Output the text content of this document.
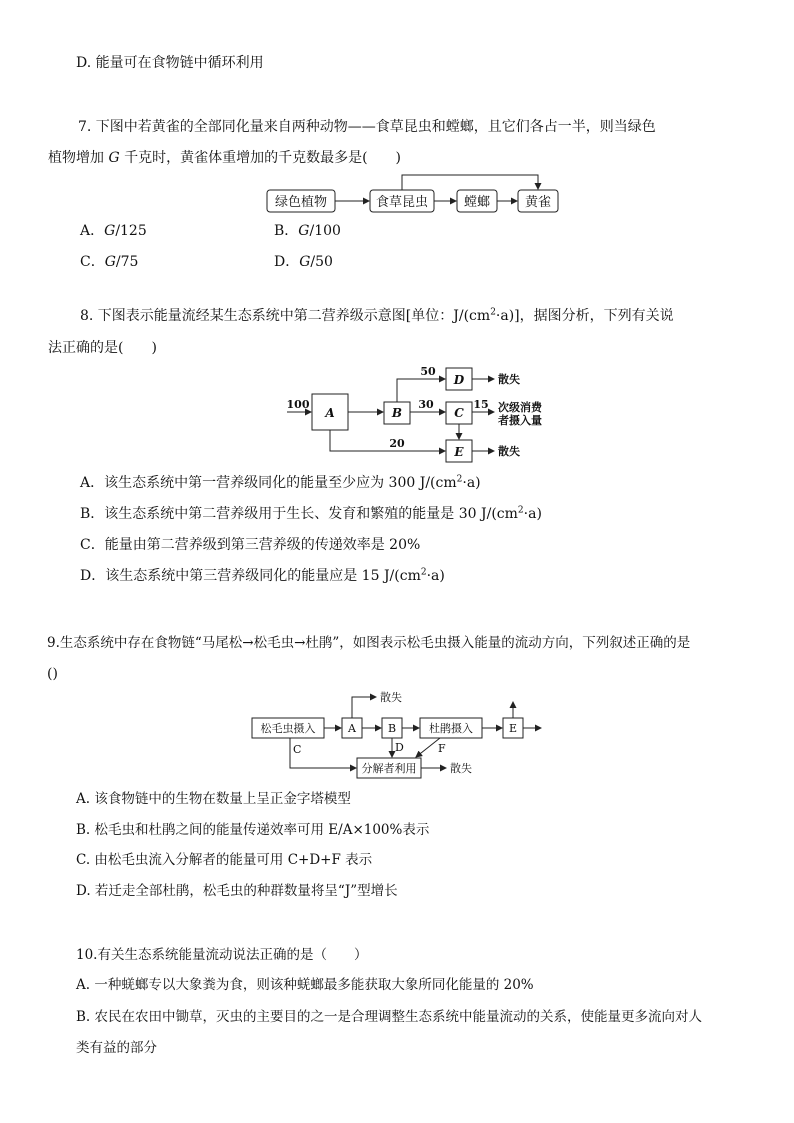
D. 能量可在食物链中循环利用
7. 下图中若黄雀的全部同化量来自两种动物——食草昆虫和螳螂，且它们各占一半，则当绿色
植物增加 G 千克时，黄雀体重增加的千克数最多是(　　)
绿色植物	食草昆虫	螳螂	黄雀
A．G/125	B．G/100
C．G/75	D．G/50
8. 下图表示能量流经某生态系统中第二营养级示意图[单位：$J/(cm^2\cdot a)$]，据图分析，下列有关说
法正确的是(　　)
A	B	C
D
E
100
50
30	15
20
散失
散失
次级消费
者摄入量
A．该生态系统中第一营养级同化的能量至少应为 300 $J/(cm^2\cdot a)$
B．该生态系统中第二营养级用于生长、发育和繁殖的能量是 30 $J/(cm^2\cdot a)$
C．能量由第二营养级到第三营养级的传递效率是 20%
D．该生态系统中第三营养级同化的能量应是 15 $J/(cm^2\cdot a)$
9.生态系统中存在食物链“马尾松→松毛虫→杜鹃”，如图表示松毛虫摄入能量的流动方向，下列叙述正确的是
()
松毛虫摄入	A	B	杜鹃摄入	E
分解者利用
散失
散失
C	D	F
A. 该食物链中的生物在数量上呈正金字塔模型
B. 松毛虫和杜鹃之间的能量传递效率可用 E/A×100%表示
C. 由松毛虫流入分解者的能量可用 C+D+F 表示
D. 若迁走全部杜鹃，松毛虫的种群数量将呈“J”型增长
10.有关生态系统能量流动说法正确的是（　　）
A. 一种蜣螂专以大象粪为食，则该种蜣螂最多能获取大象所同化能量的 20%
B. 农民在农田中锄草，灭虫的主要目的之一是合理调整生态系统中能量流动的关系，使能量更多流向对人
类有益的部分
